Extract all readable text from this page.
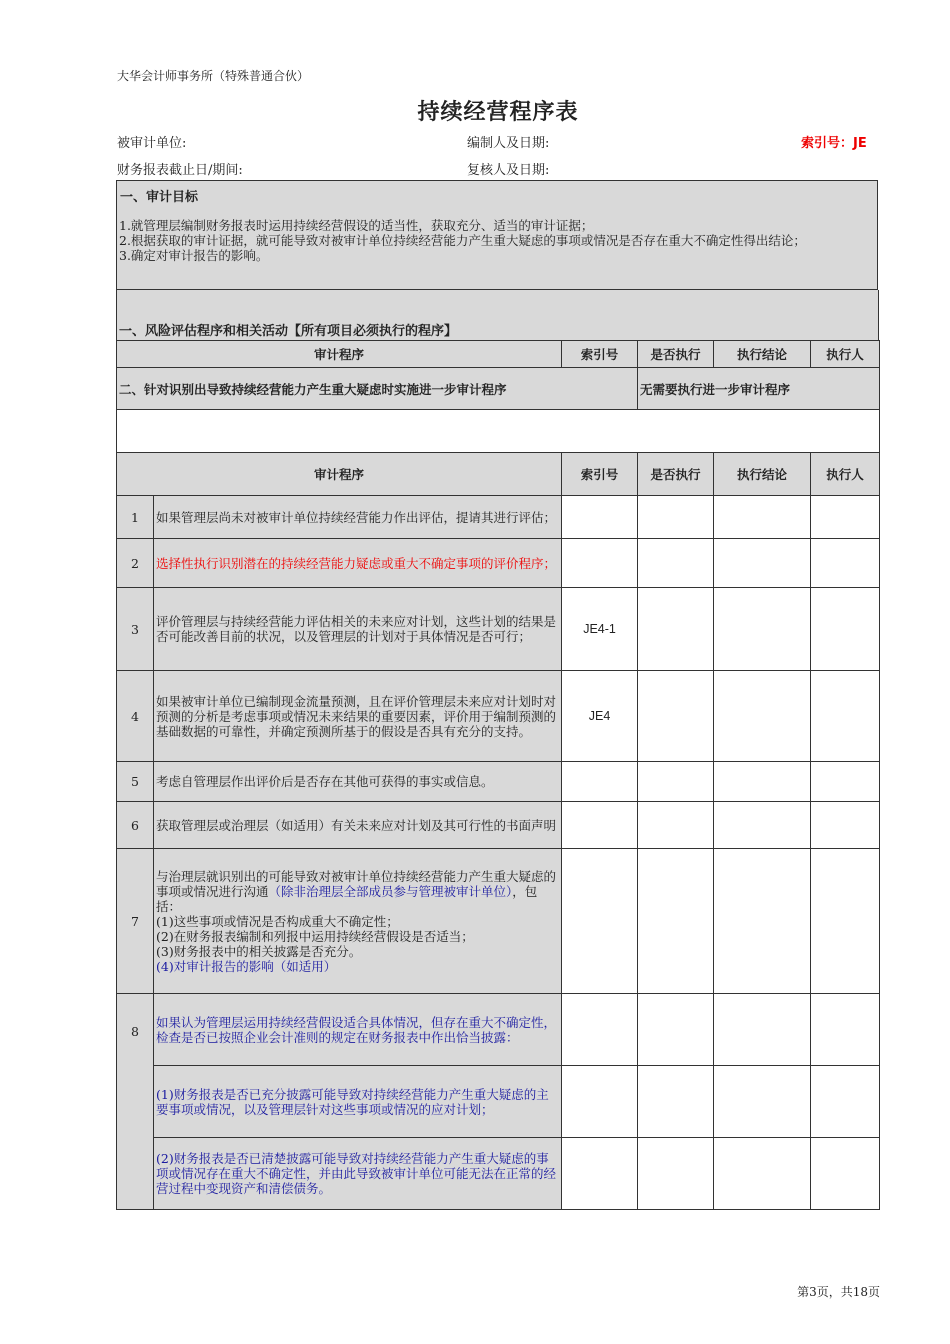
大华会计师事务所（特殊普通合伙）
持续经营程序表
被审计单位:	编制人及日期:	索引号：JE
财务报表截止日/期间:	复核人及日期:
一、审计目标
1.就管理层编制财务报表时运用持续经营假设的适当性，获取充分、适当的审计证据；
2.根据获取的审计证据，就可能导致对被审计单位持续经营能力产生重大疑虑的事项或情况是否存在重大不确定性得出结论；
3.确定对审计报告的影响。
一、风险评估程序和相关活动【所有项目必须执行的程序】
审计程序		索引号	是否执行	执行结论	执行人
二、针对识别出导致持续经营能力产生重大疑虑时实施进一步审计程序			无需要执行进一步审计程序		

审计程序		索引号	是否执行	执行结论	执行人
1	如果管理层尚未对被审计单位持续经营能力作出评估，提请其进行评估；				
2	选择性执行识别潜在的持续经营能力疑虑或重大不确定事项的评价程序；				
3	评价管理层与持续经营能力评估相关的未来应对计划，这些计划的结果是否可能改善目前的状况，以及管理层的计划对于具体情况是否可行；	JE4-1			
4	如果被审计单位已编制现金流量预测，且在评价管理层未来应对计划时对预测的分析是考虑事项或情况未来结果的重要因素，评价用于编制预测的基础数据的可靠性，并确定预测所基于的假设是否具有充分的支持。	JE4			
5	考虑自管理层作出评价后是否存在其他可获得的事实或信息。				
6	获取管理层或治理层（如适用）有关未来应对计划及其可行性的书面声明				
7	与治理层就识别出的可能导致对被审计单位持续经营能力产生重大疑虑的事项或情况进行沟通（除非治理层全部成员参与管理被审计单位），包括：
(1)这些事项或情况是否构成重大不确定性；
(2)在财务报表编制和列报中运用持续经营假设是否适当；
(3)财务报表中的相关披露是否充分。
(4)对审计报告的影响（如适用）				

8	如果认为管理层运用持续经营假设适合具体情况，但存在重大不确定性，检查是否已按照企业会计准则的规定在财务报表中作出恰当披露：				
	(1)财务报表是否已充分披露可能导致对持续经营能力产生重大疑虑的主要事项或情况，以及管理层针对这些事项或情况的应对计划；				
	(2)财务报表是否已清楚披露可能导致对持续经营能力产生重大疑虑的事项或情况存在重大不确定性，并由此导致被审计单位可能无法在正常的经营过程中变现资产和清偿债务。				
第3页，共18页
